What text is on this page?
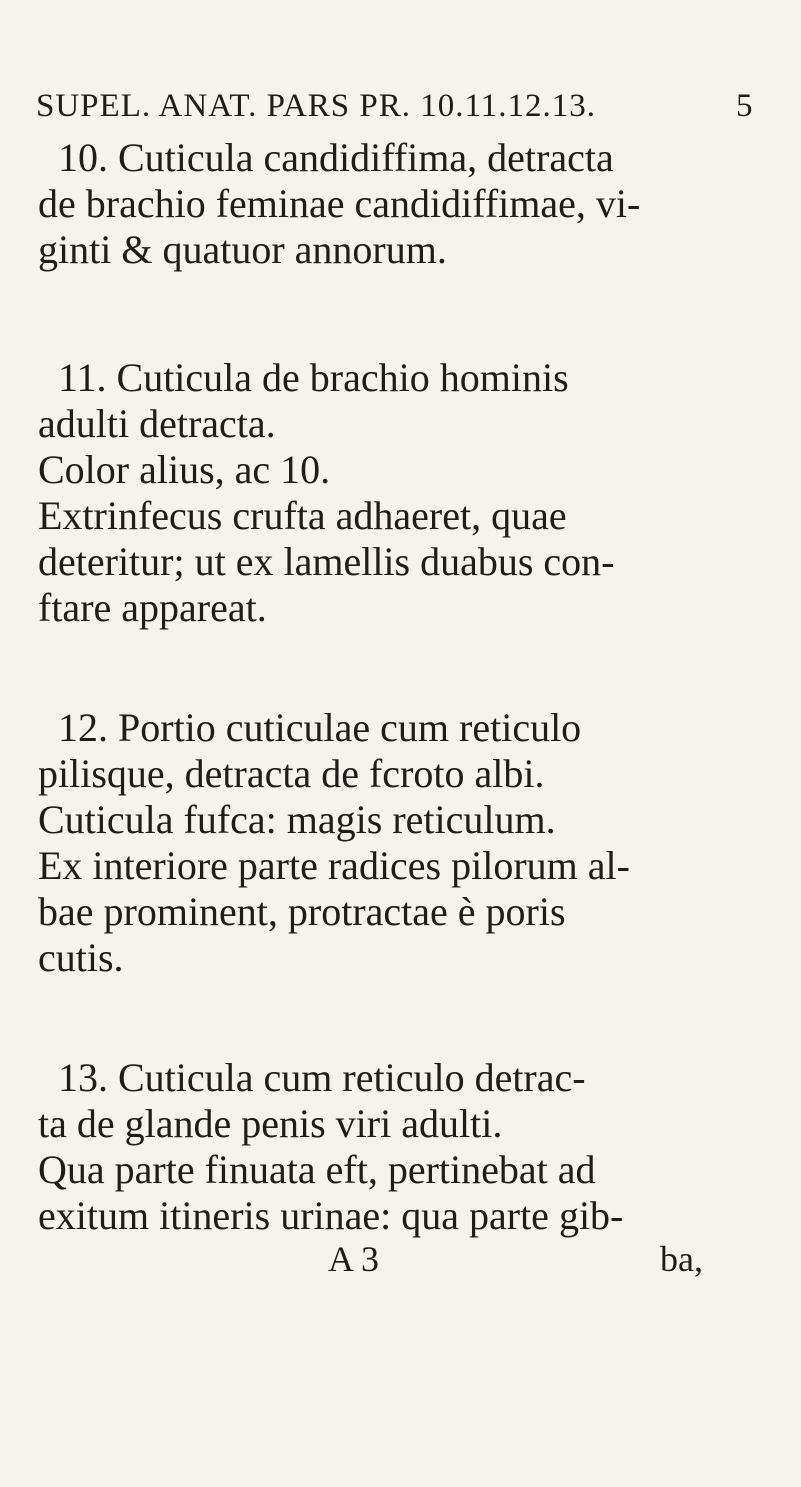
SUPEL. ANAT. PARS PR. 10.11.12.13.	5
10. Cuticula candidiffima, detracta
de brachio feminae candidiffimae, vi-
ginti & quatuor annorum.
11. Cuticula de brachio hominis
adulti detracta.
Color alius, ac 10.
Extrinfecus crufta adhaeret, quae
deteritur; ut ex lamellis duabus con-
ftare appareat.
12. Portio cuticulae cum reticulo
pilisque, detracta de fcroto albi.
Cuticula fufca: magis reticulum.
Ex interiore parte radices pilorum al-
bae prominent, protractae è poris
cutis.
13. Cuticula cum reticulo detrac-
ta de glande penis viri adulti.
Qua parte finuata eft, pertinebat ad
exitum itineris urinae: qua parte gib-
A 3	ba,
